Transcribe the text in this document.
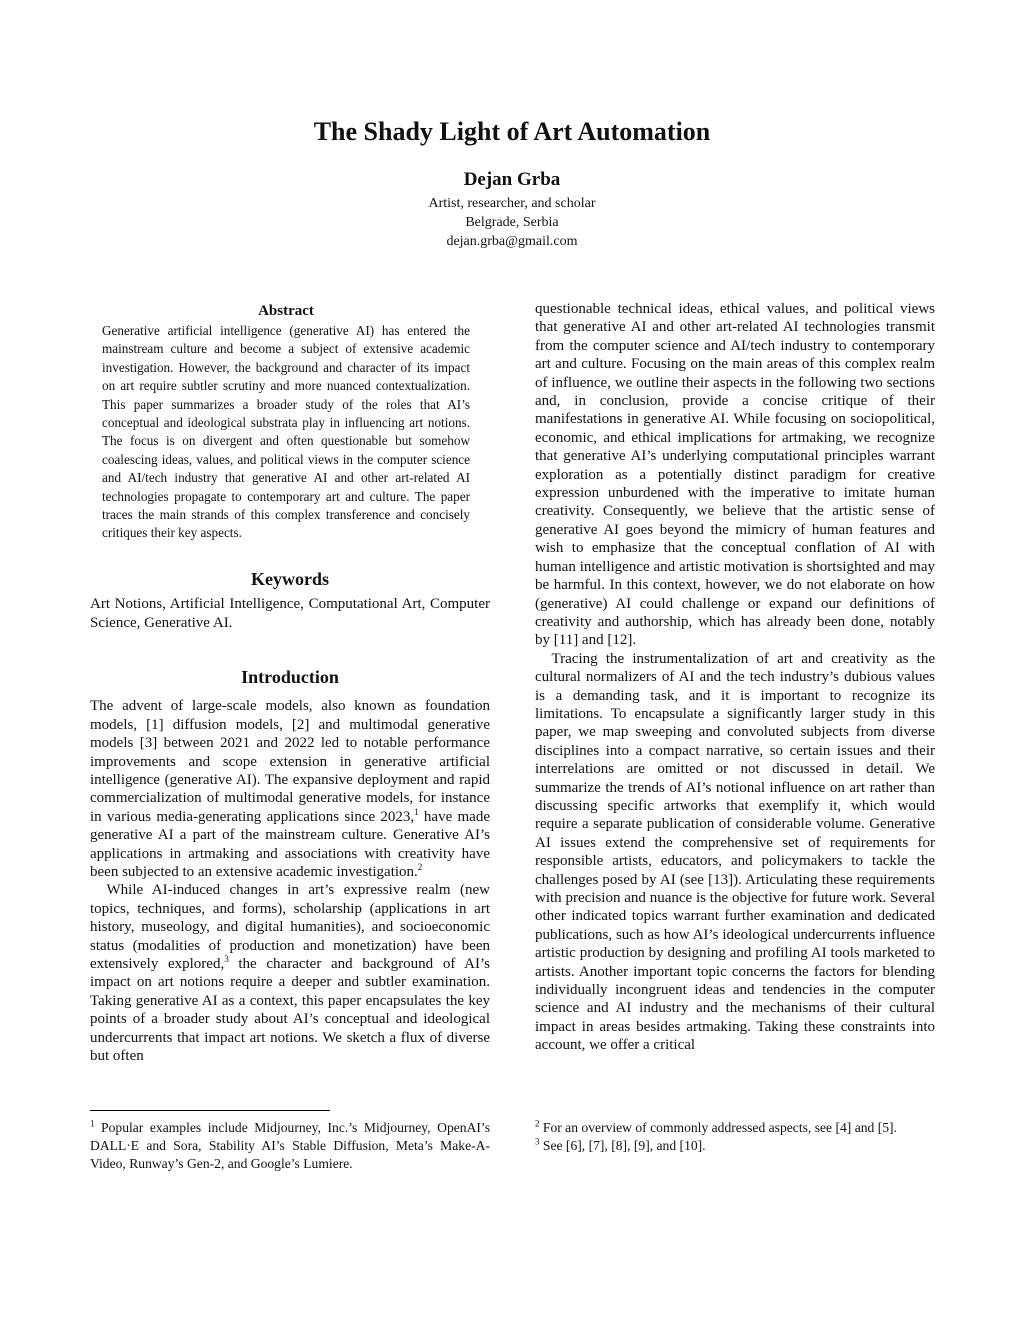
The Shady Light of Art Automation

Dejan Grba

Artist, researcher, and scholar

Belgrade, Serbia

dejan.grba@gmail.com

Abstract

Generative artificial intelligence (generative AI) has entered the mainstream culture and become a subject of extensive academic investigation. However, the background and character of its impact on art require subtler scrutiny and more nuanced contextualization. This paper summarizes a broader study of the roles that AI’s conceptual and ideological substrata play in influencing art notions. The focus is on divergent and often questionable but somehow coalescing ideas, values, and political views in the computer science and AI/tech industry that generative AI and other art-related AI technologies propagate to contemporary art and culture. The paper traces the main strands of this complex transference and concisely critiques their key aspects.

Keywords

Art Notions, Artificial Intelligence, Computational Art, Computer Science, Generative AI.

Introduction

The advent of large-scale models, also known as foundation models, [1] diffusion models, [2] and multimodal generative models [3] between 2021 and 2022 led to notable performance improvements and scope extension in generative artificial intelligence (generative AI). The expansive deployment and rapid commercialization of multimodal generative models, for instance in various media-generating applications since 2023,$^1$ have made generative AI a part of the mainstream culture. Generative AI’s applications in artmaking and associations with creativity have been subjected to an extensive academic investigation.$^2$

While AI-induced changes in art’s expressive realm (new topics, techniques, and forms), scholarship (applications in art history, museology, and digital humanities), and socioeconomic status (modalities of production and monetization) have been extensively explored,$^3$ the character and background of AI’s impact on art notions require a deeper and subtler examination. Taking generative AI as a context, this paper encapsulates the key points of a broader study about AI’s conceptual and ideological undercurrents that impact art notions. We sketch a flux of diverse but often

questionable technical ideas, ethical values, and political views that generative AI and other art-related AI technologies transmit from the computer science and AI/tech industry to contemporary art and culture. Focusing on the main areas of this complex realm of influence, we outline their aspects in the following two sections and, in conclusion, provide a concise critique of their manifestations in generative AI. While focusing on sociopolitical, economic, and ethical implications for artmaking, we recognize that generative AI’s underlying computational principles warrant exploration as a potentially distinct paradigm for creative expression unburdened with the imperative to imitate human creativity. Consequently, we believe that the artistic sense of generative AI goes beyond the mimicry of human features and wish to emphasize that the conceptual conflation of AI with human intelligence and artistic motivation is shortsighted and may be harmful. In this context, however, we do not elaborate on how (generative) AI could challenge or expand our definitions of creativity and authorship, which has already been done, notably by [11] and [12].

Tracing the instrumentalization of art and creativity as the cultural normalizers of AI and the tech industry’s dubious values is a demanding task, and it is important to recognize its limitations. To encapsulate a significantly larger study in this paper, we map sweeping and convoluted subjects from diverse disciplines into a compact narrative, so certain issues and their interrelations are omitted or not discussed in detail. We summarize the trends of AI’s notional influence on art rather than discussing specific artworks that exemplify it, which would require a separate publication of considerable volume. Generative AI issues extend the comprehensive set of requirements for responsible artists, educators, and policymakers to tackle the challenges posed by AI (see [13]). Articulating these requirements with precision and nuance is the objective for future work. Several other indicated topics warrant further examination and dedicated publications, such as how AI’s ideological undercurrents influence artistic production by designing and profiling AI tools marketed to artists. Another important topic concerns the factors for blending individually incongruent ideas and tendencies in the computer science and AI industry and the mechanisms of their cultural impact in areas besides artmaking. Taking these constraints into account, we offer a critical

$^1$ Popular examples include Midjourney, Inc.’s Midjourney, OpenAI’s DALL·E and Sora, Stability AI’s Stable Diffusion, Meta’s Make-A-Video, Runway’s Gen-2, and Google’s Lumiere.

$^2$ For an overview of commonly addressed aspects, see [4] and [5].

$^3$ See [6], [7], [8], [9], and [10].
